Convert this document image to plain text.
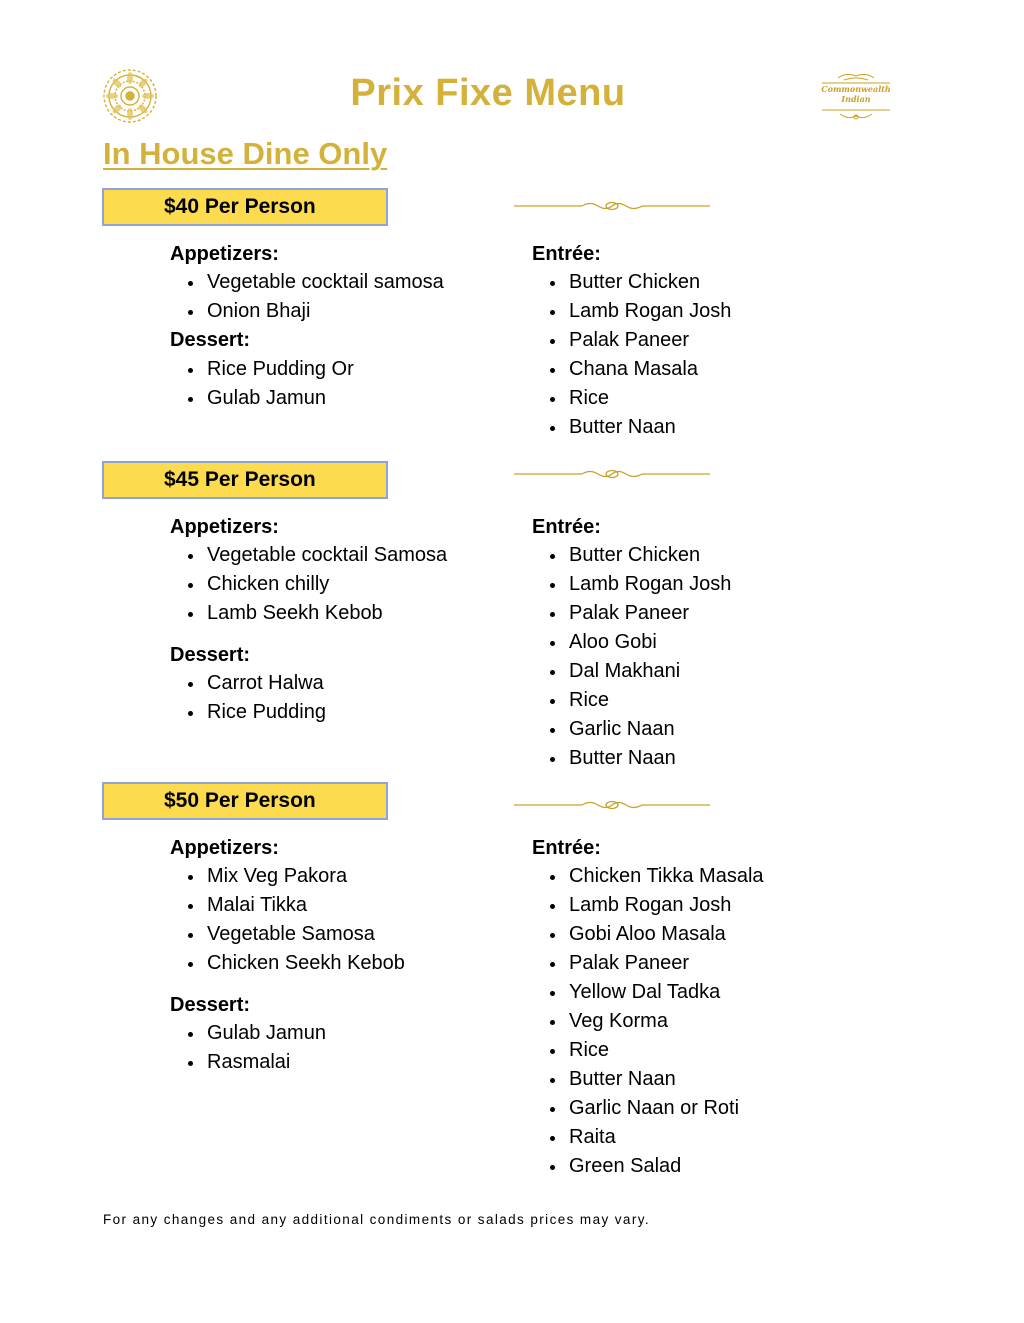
Prix Fixe Menu	Commonwealth
Indian
In House Dine Only
$40 Per Person
Appetizers:
Vegetable cocktail samosa
Onion Bhaji
Dessert:
Rice Pudding Or
Gulab Jamun
Entrée:
Butter Chicken
Lamb Rogan Josh
Palak Paneer
Chana Masala
Rice
Butter Naan
$45 Per Person
Appetizers:
Vegetable cocktail Samosa
Chicken chilly
Lamb Seekh Kebob
Dessert:
Carrot Halwa
Rice Pudding
Entrée:
Butter Chicken
Lamb Rogan Josh
Palak Paneer
Aloo Gobi
Dal Makhani
Rice
Garlic Naan
Butter Naan
$50 Per Person
Appetizers:
Mix Veg Pakora
Malai Tikka
Vegetable Samosa
Chicken Seekh Kebob
Dessert:
Gulab Jamun
Rasmalai
Entrée:
Chicken Tikka Masala
Lamb Rogan Josh
Gobi Aloo Masala
Palak Paneer
Yellow Dal Tadka
Veg Korma
Rice
Butter Naan
Garlic Naan or Roti
Raita
Green Salad

For any changes and any additional condiments or salads prices may vary.
